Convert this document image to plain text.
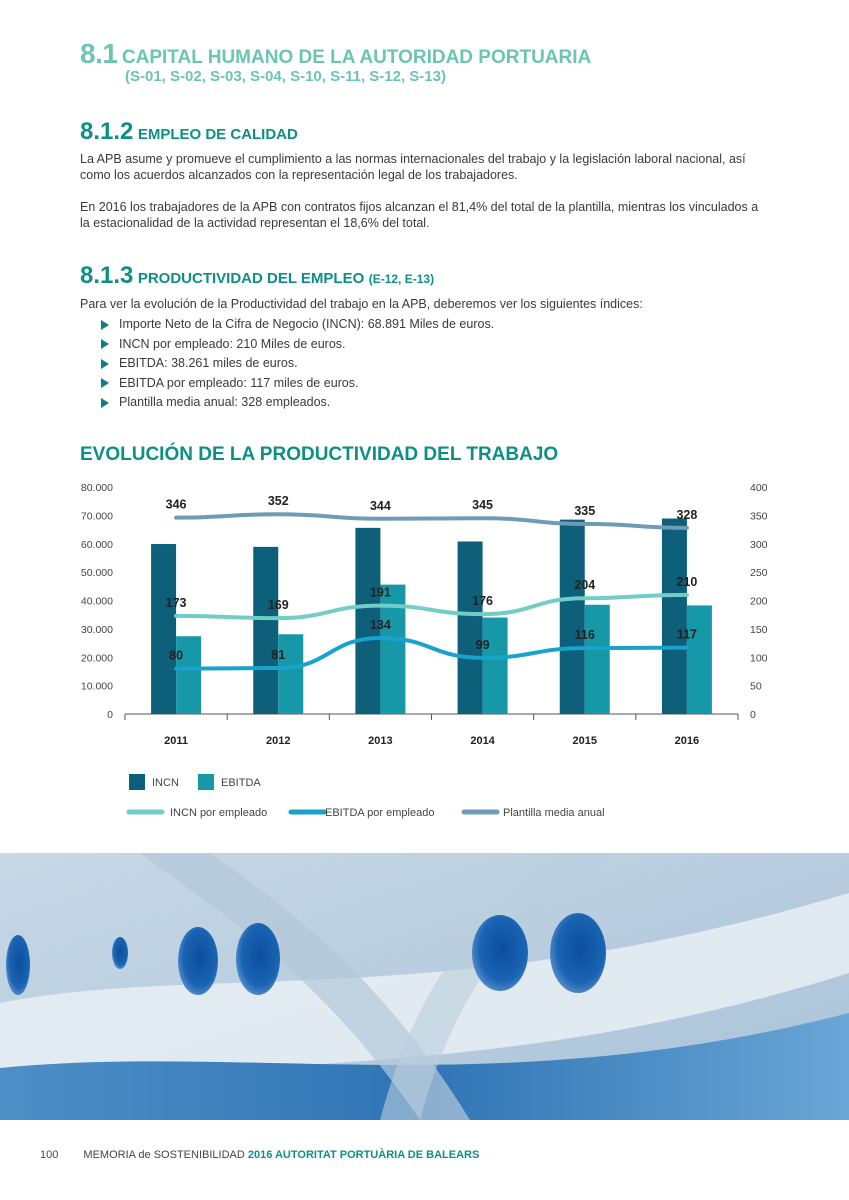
8.1 CAPITAL HUMANO DE LA AUTORIDAD PORTUARIA
(S-01, S-02, S-03, S-04, S-10, S-11, S-12, S-13)
8.1.2 EMPLEO DE CALIDAD
La APB asume y promueve el cumplimiento a las normas internacionales del trabajo y la legislación laboral nacional, así como los acuerdos alcanzados con la representación legal de los trabajadores.
En 2016 los trabajadores de la APB con contratos fijos alcanzan el 81,4% del total de la plantilla, mientras los vinculados a la estacionalidad de la actividad representan el 18,6% del total.
8.1.3 PRODUCTIVIDAD DEL EMPLEO (E-12, E-13)
Para ver la evolución de la Productividad del trabajo en la APB, deberemos ver los siguientes índices:
Importe Neto de la Cifra de Negocio (INCN): 68.891 Miles de euros.
INCN por empleado: 210 Miles de euros.
EBITDA: 38.261 miles de euros.
EBITDA por empleado: 117 miles de euros.
Plantilla media anual: 328 empleados.
EVOLUCIÓN DE LA PRODUCTIVIDAD DEL TRABAJO
0
10.000
20.000
30.000
40.000
50.000
60.000
70.000
80.000
0
50
100
150
200
250
300
350
400
2011	2012	2013	2014	2015	2016
173	169
191
176
204	210
80	81
134
99
116	117
346	352	344	345	335	328
INCN	EBITDA
INCN por empleado	EBITDA por empleado	Plantilla media anual
100 MEMORIA de SOSTENIBILIDAD 2016 AUTORITAT PORTUÀRIA DE BALEARS
